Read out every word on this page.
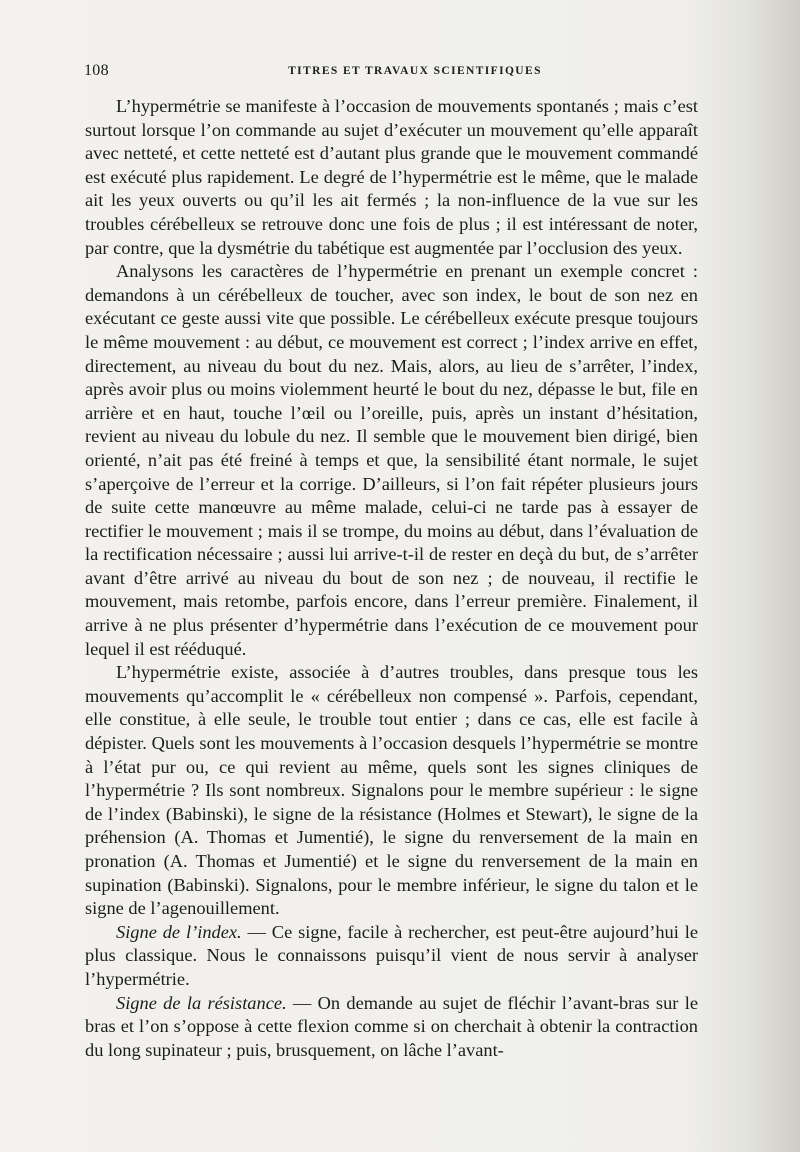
108	TITRES ET TRAVAUX SCIENTIFIQUES

L’hypermétrie se manifeste à l’occasion de mouvements spontanés ; mais c’est surtout lorsque l’on commande au sujet d’exécuter un mouvement qu’elle apparaît avec netteté, et cette netteté est d’autant plus grande que le mouvement commandé est exécuté plus rapidement. Le degré de l’hypermétrie est le même, que le malade ait les yeux ouverts ou qu’il les ait fermés ; la non-influence de la vue sur les troubles cérébelleux se retrouve donc une fois de plus ; il est intéressant de noter, par contre, que la dysmétrie du tabétique est augmentée par l’occlusion des yeux.

Analysons les caractères de l’hypermétrie en prenant un exemple concret : demandons à un cérébelleux de toucher, avec son index, le bout de son nez en exécutant ce geste aussi vite que possible. Le cérébelleux exécute presque toujours le même mouvement : au début, ce mouvement est correct ; l’index arrive en effet, directement, au niveau du bout du nez. Mais, alors, au lieu de s’arrêter, l’index, après avoir plus ou moins violemment heurté le bout du nez, dépasse le but, file en arrière et en haut, touche l’œil ou l’oreille, puis, après un instant d’hésitation, revient au niveau du lobule du nez. Il semble que le mouvement bien dirigé, bien orienté, n’ait pas été freiné à temps et que, la sensibilité étant normale, le sujet s’aperçoive de l’erreur et la corrige. D’ailleurs, si l’on fait répéter plusieurs jours de suite cette manœuvre au même malade, celui-ci ne tarde pas à essayer de rectifier le mouvement ; mais il se trompe, du moins au début, dans l’évaluation de la rectification nécessaire ; aussi lui arrive-t-il de rester en deçà du but, de s’arrêter avant d’être arrivé au niveau du bout de son nez ; de nouveau, il rectifie le mouvement, mais retombe, parfois encore, dans l’erreur première. Finalement, il arrive à ne plus présenter d’hypermétrie dans l’exécution de ce mouvement pour lequel il est rééduqué.

L’hypermétrie existe, associée à d’autres troubles, dans presque tous les mouvements qu’accomplit le « cérébelleux non compensé ». Parfois, cependant, elle constitue, à elle seule, le trouble tout entier ; dans ce cas, elle est facile à dépister. Quels sont les mouvements à l’occasion desquels l’hypermétrie se montre à l’état pur ou, ce qui revient au même, quels sont les signes cliniques de l’hypermétrie ? Ils sont nombreux. Signalons pour le membre supérieur : le signe de l’index (Babinski), le signe de la résistance (Holmes et Stewart), le signe de la préhension (A. Thomas et Jumentié), le signe du renversement de la main en pronation (A. Thomas et Jumentié) et le signe du renversement de la main en supination (Babinski). Signalons, pour le membre inférieur, le signe du talon et le signe de l’agenouillement.

Signe de l’index. — Ce signe, facile à rechercher, est peut-être aujourd’hui le plus classique. Nous le connaissons puisqu’il vient de nous servir à analyser l’hypermétrie.

Signe de la résistance. — On demande au sujet de fléchir l’avant-bras sur le bras et l’on s’oppose à cette flexion comme si on cherchait à obtenir la contraction du long supinateur ; puis, brusquement, on lâche l’avant-
